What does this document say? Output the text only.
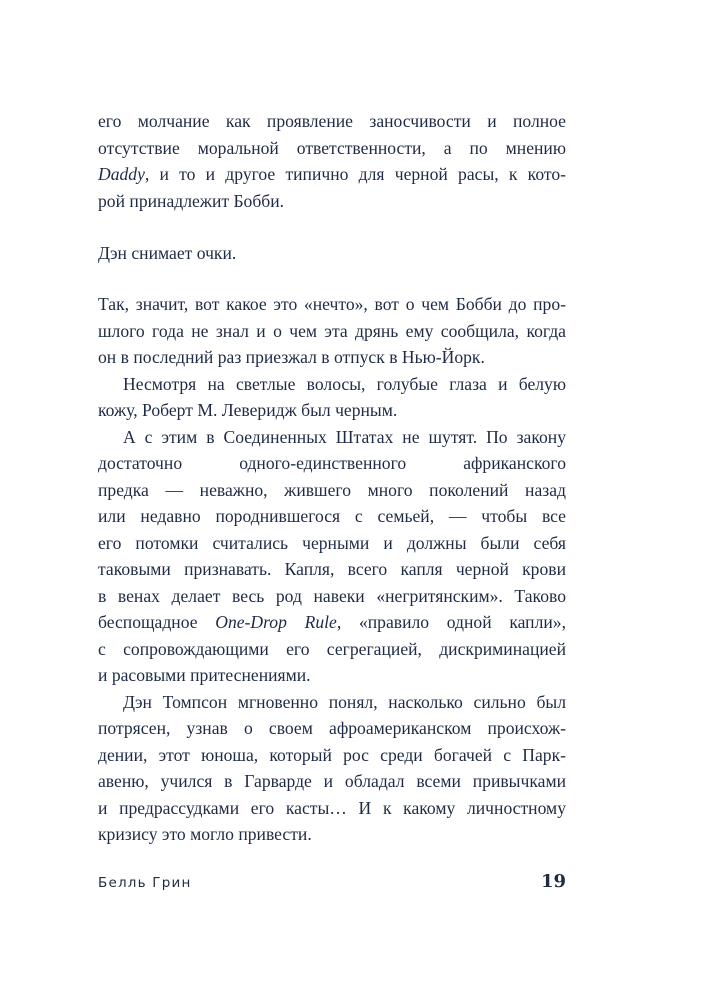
его молчание как проявление заносчивости и полное
отсутствие моральной ответственности, а по мнению
Daddy, и то и другое типично для черной расы, к кото-
рой принадлежит Бобби.
Дэн снимает очки.
Так, значит, вот какое это «нечто», вот о чем Бобби до про-
шлого года не знал и о чем эта дрянь ему сообщила, когда
он в последний раз приезжал в отпуск в Нью-Йорк.
Несмотря на светлые волосы, голубые глаза и белую
кожу, Роберт М. Леверидж был черным.
А с этим в Соединенных Штатах не шутят. По закону
достаточно одного-единственного африканского
предка — неважно, жившего много поколений назад
или недавно породнившегося с семьей, — чтобы все
его потомки считались черными и должны были себя
таковыми признавать. Капля, всего капля черной крови
в венах делает весь род навеки «негритянским». Таково
беспощадное One-Drop Rule, «правило одной капли»,
с сопровождающими его сегрегацией, дискриминацией
и расовыми притеснениями.
Дэн Томпсон мгновенно понял, насколько сильно был
потрясен, узнав о своем афроамериканском происхож-
дении, этот юноша, который рос среди богачей с Парк-
авеню, учился в Гарварде и обладал всеми привычками
и предрассудками его касты… И к какому личностному
кризису это могло привести.
Белль Грин	19
